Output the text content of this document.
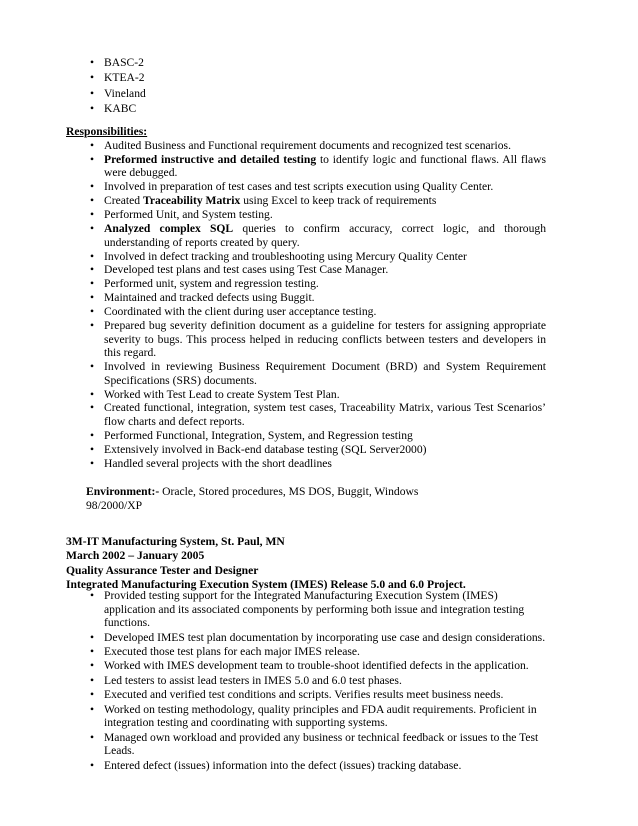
• BASC-2
• KTEA-2
• Vineland
• KABC
Responsibilities:
• Audited Business and Functional requirement documents and recognized test scenarios.
• Preformed instructive and detailed testing to identify logic and functional flaws. All flaws were debugged.
• Involved in preparation of test cases and test scripts execution using Quality Center.
• Created Traceability Matrix using Excel to keep track of requirements
• Performed Unit, and System testing.
• Analyzed complex SQL queries to confirm accuracy, correct logic, and thorough understanding of reports created by query.
• Involved in defect tracking and troubleshooting using Mercury Quality Center
• Developed test plans and test cases using Test Case Manager.
• Performed unit, system and regression testing.
• Maintained and tracked defects using Buggit.
• Coordinated with the client during user acceptance testing.
• Prepared bug severity definition document as a guideline for testers for assigning appropriate severity to bugs. This process helped in reducing conflicts between testers and developers in this regard.
• Involved in reviewing Business Requirement Document (BRD) and System Requirement Specifications (SRS) documents.
• Worked with Test Lead to create System Test Plan.
• Created functional, integration, system test cases, Traceability Matrix, various Test Scenarios’ flow charts and defect reports.
• Performed Functional, Integration, System, and Regression testing
• Extensively involved in Back-end database testing (SQL Server2000)
• Handled several projects with the short deadlines
Environment:- Oracle, Stored procedures, MS DOS, Buggit, Windows 98/2000/XP
3M-IT Manufacturing System, St. Paul, MN
March 2002 – January 2005
Quality Assurance Tester and Designer
Integrated Manufacturing Execution System (IMES) Release 5.0 and 6.0 Project.
• Provided testing support for the Integrated Manufacturing Execution System (IMES) application and its associated components by performing both issue and integration testing functions.
• Developed IMES test plan documentation by incorporating use case and design considerations.
• Executed those test plans for each major IMES release.
• Worked with IMES development team to trouble-shoot identified defects in the application.
• Led testers to assist lead testers in IMES 5.0 and 6.0 test phases.
• Executed and verified test conditions and scripts. Verifies results meet business needs.
• Worked on testing methodology, quality principles and FDA audit requirements. Proficient in integration testing and coordinating with supporting systems.
• Managed own workload and provided any business or technical feedback or issues to the Test Leads.
• Entered defect (issues) information into the defect (issues) tracking database.
